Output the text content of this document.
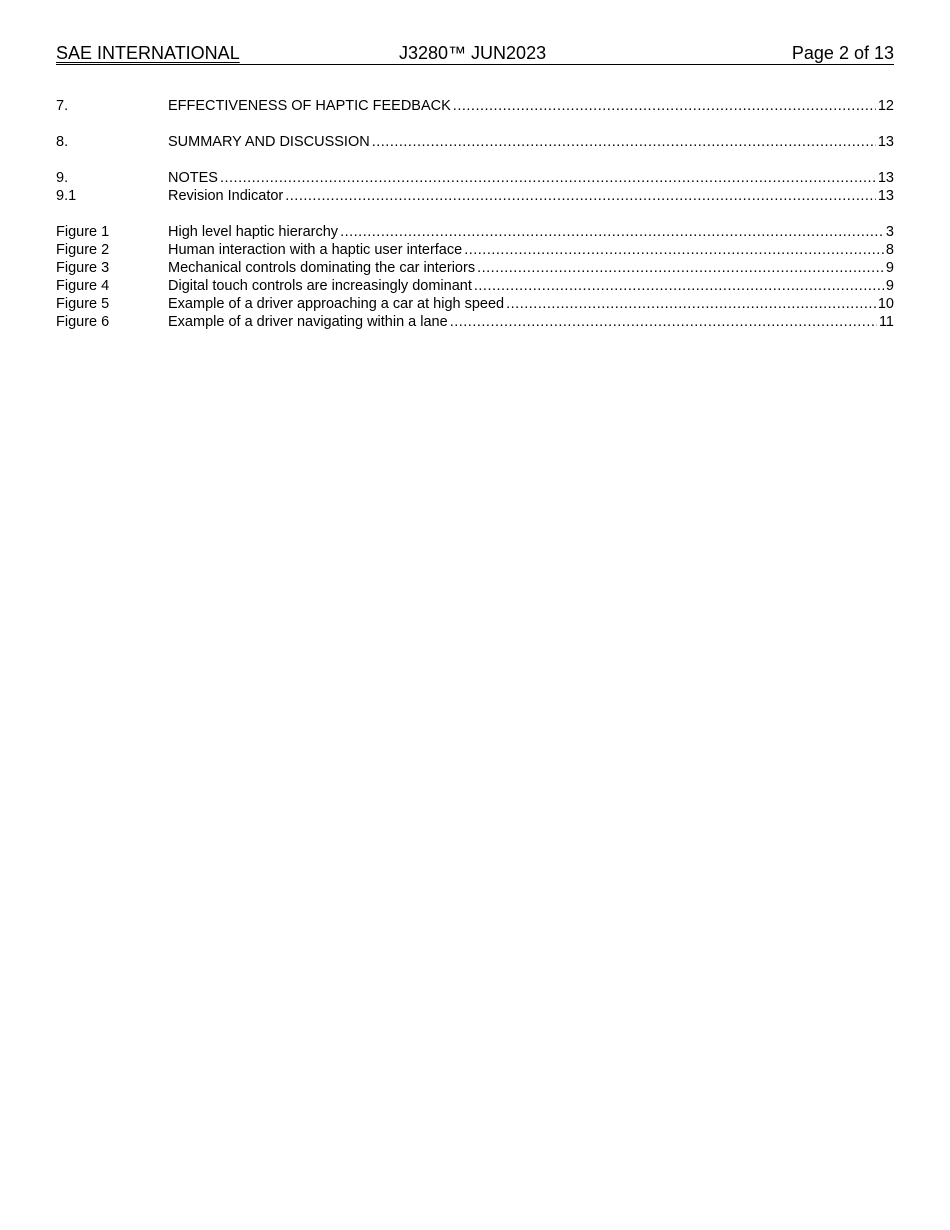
SAE INTERNATIONAL	J3280™ JUN2023	Page 2 of 13
7.	EFFECTIVENESS OF HAPTIC FEEDBACK .....	12
8.	SUMMARY AND DISCUSSION .....	13
9.	NOTES .....	13
9.1	Revision Indicator .....	13
Figure 1	High level haptic hierarchy .....	3
Figure 2	Human interaction with a haptic user interface .....	8
Figure 3	Mechanical controls dominating the car interiors .....	9
Figure 4	Digital touch controls are increasingly dominant .....	9
Figure 5	Example of a driver approaching a car at high speed .....	10
Figure 6	Example of a driver navigating within a lane .....	11
